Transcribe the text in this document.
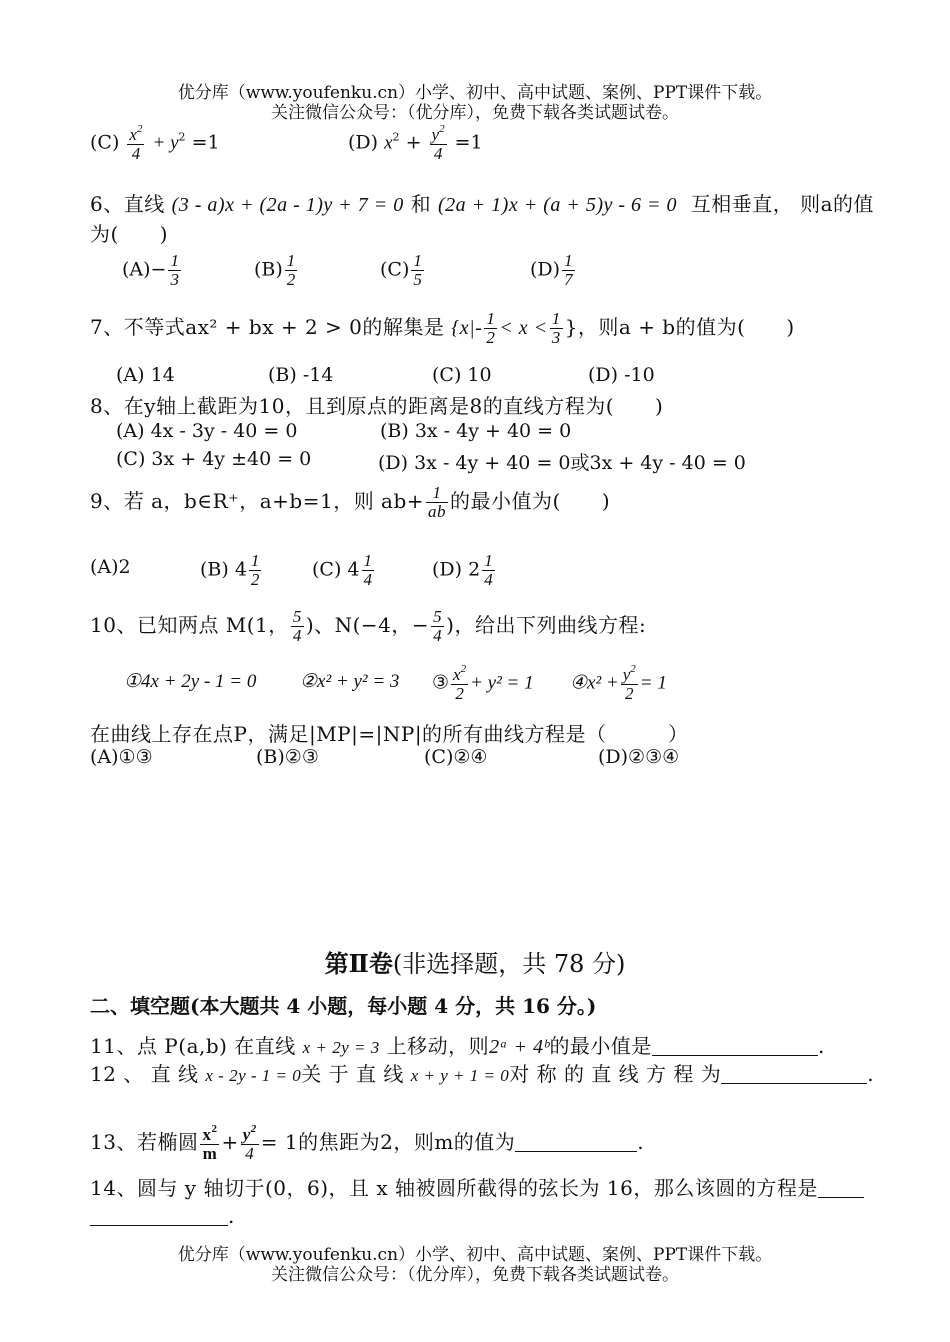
优分库（www.youfenku.cn）小学、初中、高中试题、案例、PPT课件下载。
关注微信公众号：（优分库），免费下载各类试题试卷。
$(C) \frac{x^2}{4} + y^2 =1$	(D) $x^2 + \frac{y^2}{4} =1$
6、直线 (3 - a)x + (2a - 1)y + 7 = 0 和 (2a + 1)x + (a + 5)y - 6 = 0 互相垂直， 则a的值
为(　　)
$(A)- \frac{1}{3}$	$(B) \frac{1}{2}$	$(C) \frac{1}{5}$	$(D) \frac{1}{7}$
7、不等式ax² + bx + 2 > 0的解集是 {$x|- \frac{1}{2} < x < \frac{1}{3}$ }，则a + b的值为(　　)
(A) 14	(B) -14	(C) 10	(D) -10
8、在y轴上截距为10，且到原点的距离是8的直线方程为(　　)
(A) 4x - 3y - 40 = 0	(B) 3x - 4y + 40 = 0
(C) 3x + 4y ±40 = 0	(D) 3x - 4y + 40 = 0或3x + 4y - 40 = 0
9、若 a，b∈R⁺，a+b=1，则 $ab+ \frac{1}{ab}$ 的最小值为(　　)
(A)2	(B) $4 \frac{1}{2}$	(C) $4 \frac{1}{4}$	(D) $2 \frac{1}{4}$
10、已知两点 M(1， $\frac{5}{4}$ )、N(−4，− $\frac{5}{4}$ )，给出下列曲线方程:
①4x + 2y - 1 = 0 ②x² + y² = 3 ③ $\frac{x^2}{2} + y^2 = 1$ ④x² + $\frac{y^2}{2} = 1$
在曲线上存在点P，满足|MP|=|NP|的所有曲线方程是（　　　）
(A)①③	(B)②③	(C)②④	(D)②③④
第Ⅱ卷(非选择题，共 78 分)
二、填空题(本大题共 4 小题，每小题 4 分，共 16 分。)
11、点 P(a,b) 在直线 x + 2y = 3 上移动，则2ᵃ + 4ᵇ的最小值是	.
12 、 直 线 x - 2y - 1 = 0关 于 直 线 x + y + 1 = 0对 称 的 直 线 方 程 为	.
13、若椭圆 $\frac{x^2}{m} + \frac{y^2}{4} = 1$的焦距为2，则m的值为	.
14、圆与 y 轴切于(0，6)，且 x 轴被圆所截得的弦长为 16，那么该圆的方程是
.
优分库（www.youfenku.cn）小学、初中、高中试题、案例、PPT课件下载。
关注微信公众号：（优分库），免费下载各类试题试卷。
